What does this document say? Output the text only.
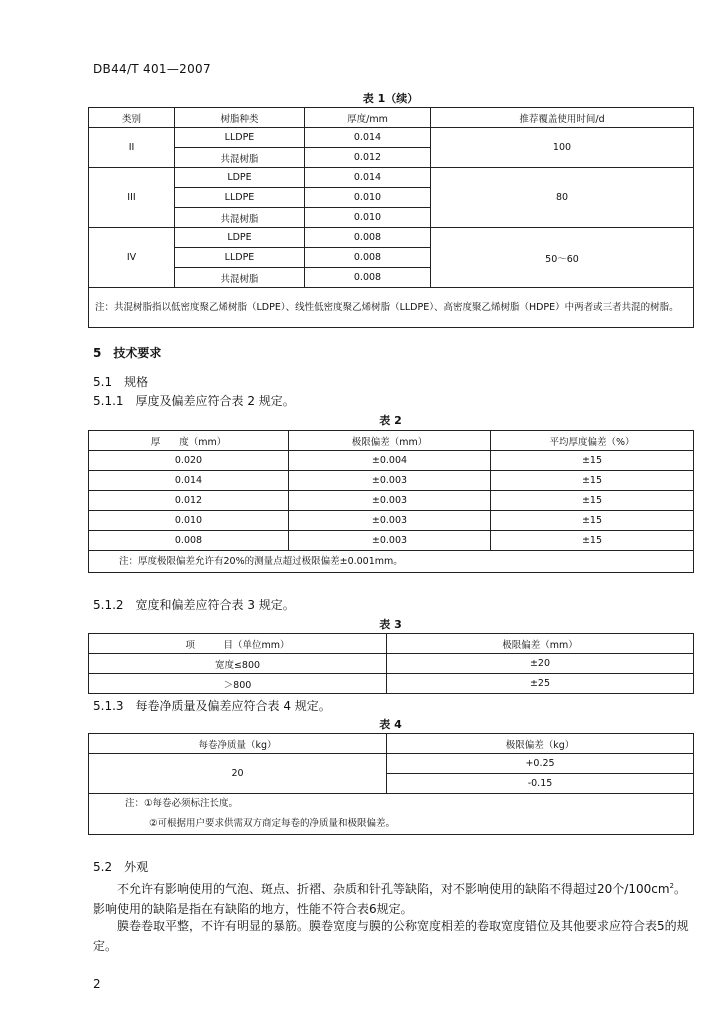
DB44/T 401—2007
表 1（续）
类别	树脂种类	厚度/mm	推荐覆盖使用时间/d
II	LLDPE	0.014	100
	共混树脂	0.012	
III	LDPE	0.014	80
	LLDPE	0.010	
	共混树脂	0.010	
IV	LDPE	0.008	50～60
	LLDPE	0.008	
	共混树脂	0.008	
注：共混树脂指以低密度聚乙烯树脂（LDPE）、线性低密度聚乙烯树脂（LLDPE）、高密度聚乙烯树脂（HDPE）中两者或三者共混的树脂。			
5　技术要求
5.1　规格
5.1.1　厚度及偏差应符合表 2 规定。
表 2
厚　　度（mm）	极限偏差（mm）	平均厚度偏差（%）
0.020	±0.004	±15
0.014	±0.003	±15
0.012	±0.003	±15
0.010	±0.003	±15
0.008	±0.003	±15
注：厚度极限偏差允许有20%的测量点超过极限偏差±0.001mm。		
5.1.2　宽度和偏差应符合表 3 规定。
表 3
项　　　目（单位mm）	极限偏差（mm）
宽度≤800	±20
＞800	±25
5.1.3　每卷净质量及偏差应符合表 4 规定。
表 4
每卷净质量（kg）	极限偏差（kg）
20	+0.25
	-0.15

注：①每卷必须标注长度。
②可根据用户要求供需双方商定每卷的净质量和极限偏差。	
5.2　外观
不允许有影响使用的气泡、斑点、折褶、杂质和针孔等缺陷，对不影响使用的缺陷不得超过20个$/100cm^2$。影响使用的缺陷是指在有缺陷的地方，性能不符合表6规定。
膜卷卷取平整，不许有明显的暴筋。膜卷宽度与膜的公称宽度相差的卷取宽度错位及其他要求应符合表5的规定。
2
